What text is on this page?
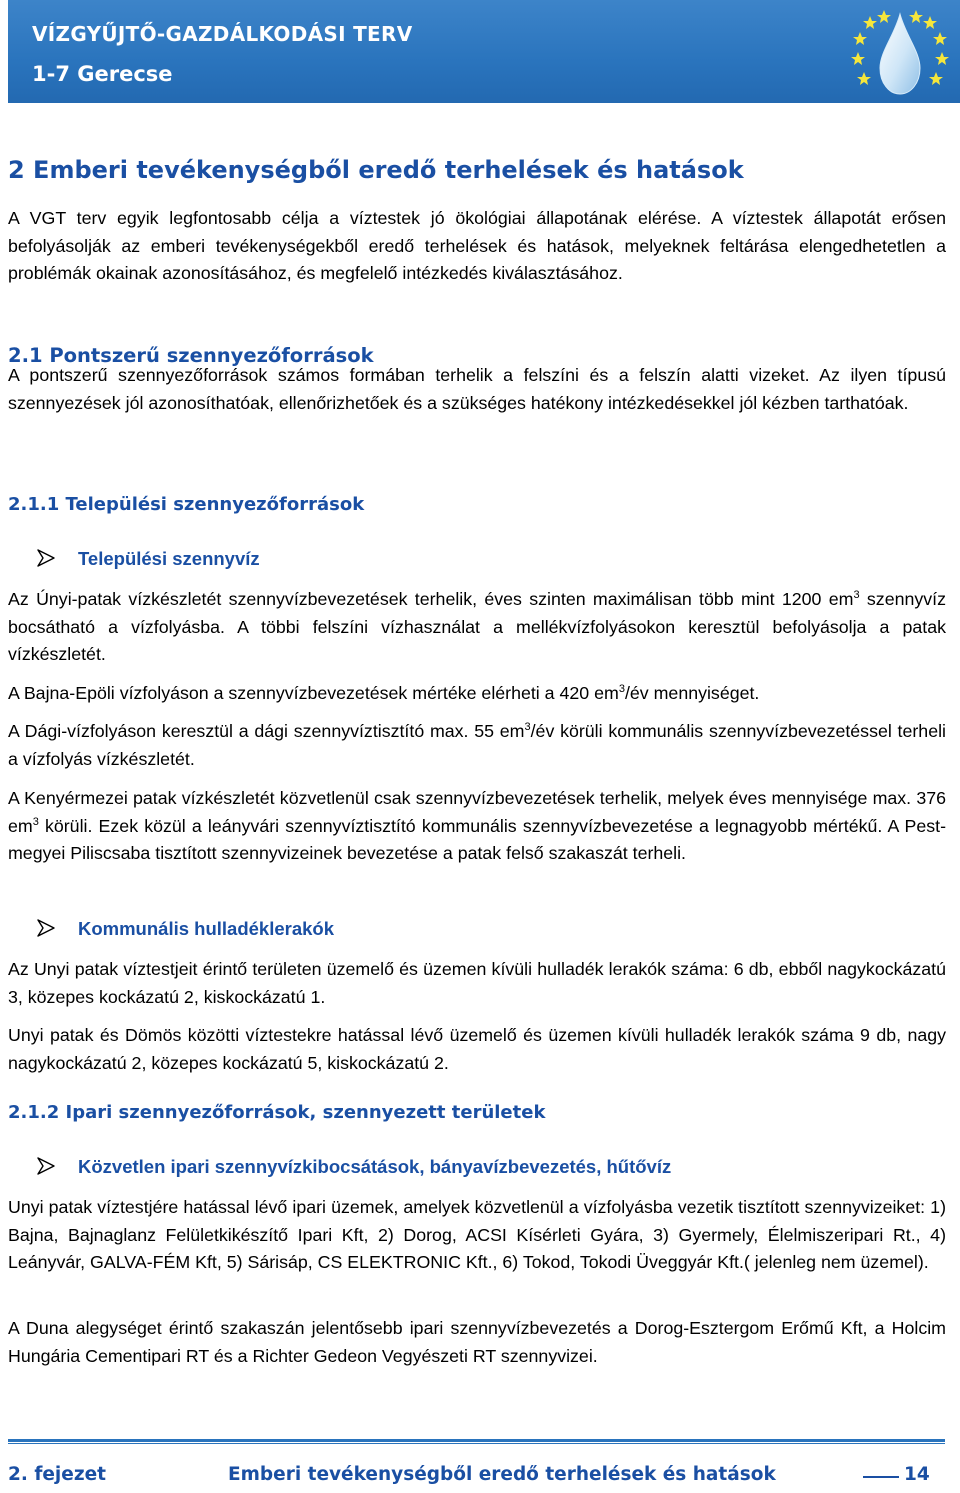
VÍZGYŰJTŐ-GAZDÁLKODÁSI TERV
1-7 Gerecse
2 Emberi tevékenységből eredő terhelések és hatások

A VGT terv egyik legfontosabb célja a víztestek jó ökológiai állapotának elérése. A víztestek állapotát erősen befolyásolják az emberi tevékenységekből eredő terhelések és hatások, melyeknek feltárása elengedhetetlen a problémák okainak azonosításához, és megfelelő intézkedés kiválasztásához.

2.1 Pontszerű szennyezőforrások

A pontszerű szennyezőforrások számos formában terhelik a felszíni és a felszín alatti vizeket. Az ilyen típusú szennyezések jól azonosíthatóak, ellenőrizhetőek és a szükséges hatékony intézkedésekkel jól kézben tarthatóak.

2.1.1 Települési szennyezőforrások
Települési szennyvíz

Az Únyi-patak vízkészletét szennyvízbevezetések terhelik, éves szinten maximálisan több mint 1200 $em^3$ szennyvíz bocsátható a vízfolyásba. A többi felszíni vízhasználat a mellékvízfolyásokon keresztül befolyásolja a patak vízkészletét.

A Bajna-Epöli vízfolyáson a szennyvízbevezetések mértéke elérheti a 420 $em^3/év$ mennyiséget.

A Dági-vízfolyáson keresztül a dági szennyvíztisztító max. 55 $em^3/év$ körüli kommunális szennyvízbevezetéssel terheli a vízfolyás vízkészletét.

A Kenyérmezei patak vízkészletét közvetlenül csak szennyvízbevezetések terhelik, melyek éves mennyisége max. 376 $em^3$ körüli. Ezek közül a leányvári szennyvíztisztító kommunális szennyvízbevezetése a legnagyobb mértékű. A Pest-megyei Piliscsaba tisztított szennyvizeinek bevezetése a patak felső szakaszát terheli.

Kommunális hulladéklerakók

Az Unyi patak víztestjeit érintő területen üzemelő és üzemen kívüli hulladék lerakók száma: 6 db, ebből nagykockázatú 3, közepes kockázatú 2, kiskockázatú 1.

Unyi patak és Dömös közötti víztestekre hatással lévő üzemelő és üzemen kívüli hulladék lerakók száma 9 db, nagy nagykockázatú 2, közepes kockázatú 5, kiskockázatú 2.

2.1.2 Ipari szennyezőforrások, szennyezett területek
Közvetlen ipari szennyvízkibocsátások, bányavízbevezetés, hűtővíz

Unyi patak víztestjére hatással lévő ipari üzemek, amelyek közvetlenül a vízfolyásba vezetik tisztított szennyvizeiket: 1) Bajna, Bajnaglanz Felületkikészítő Ipari Kft, 2) Dorog, ACSI Kísérleti Gyára, 3) Gyermely, Élelmiszeripari Rt., 4) Leányvár, GALVA-FÉM Kft, 5) Sárisáp, CS ELEKTRONIC Kft., 6) Tokod, Tokodi Üveggyár Kft.( jelenleg nem üzemel).

A Duna alegységet érintő szakaszán jelentősebb ipari szennyvízbevezetés a Dorog-Esztergom Erőmű Kft, a Holcim Hungária Cementipari RT és a Richter Gedeon Vegyészeti RT szennyvizei.

2. fejezet	Emberi tevékenységből eredő terhelések és hatások	14
